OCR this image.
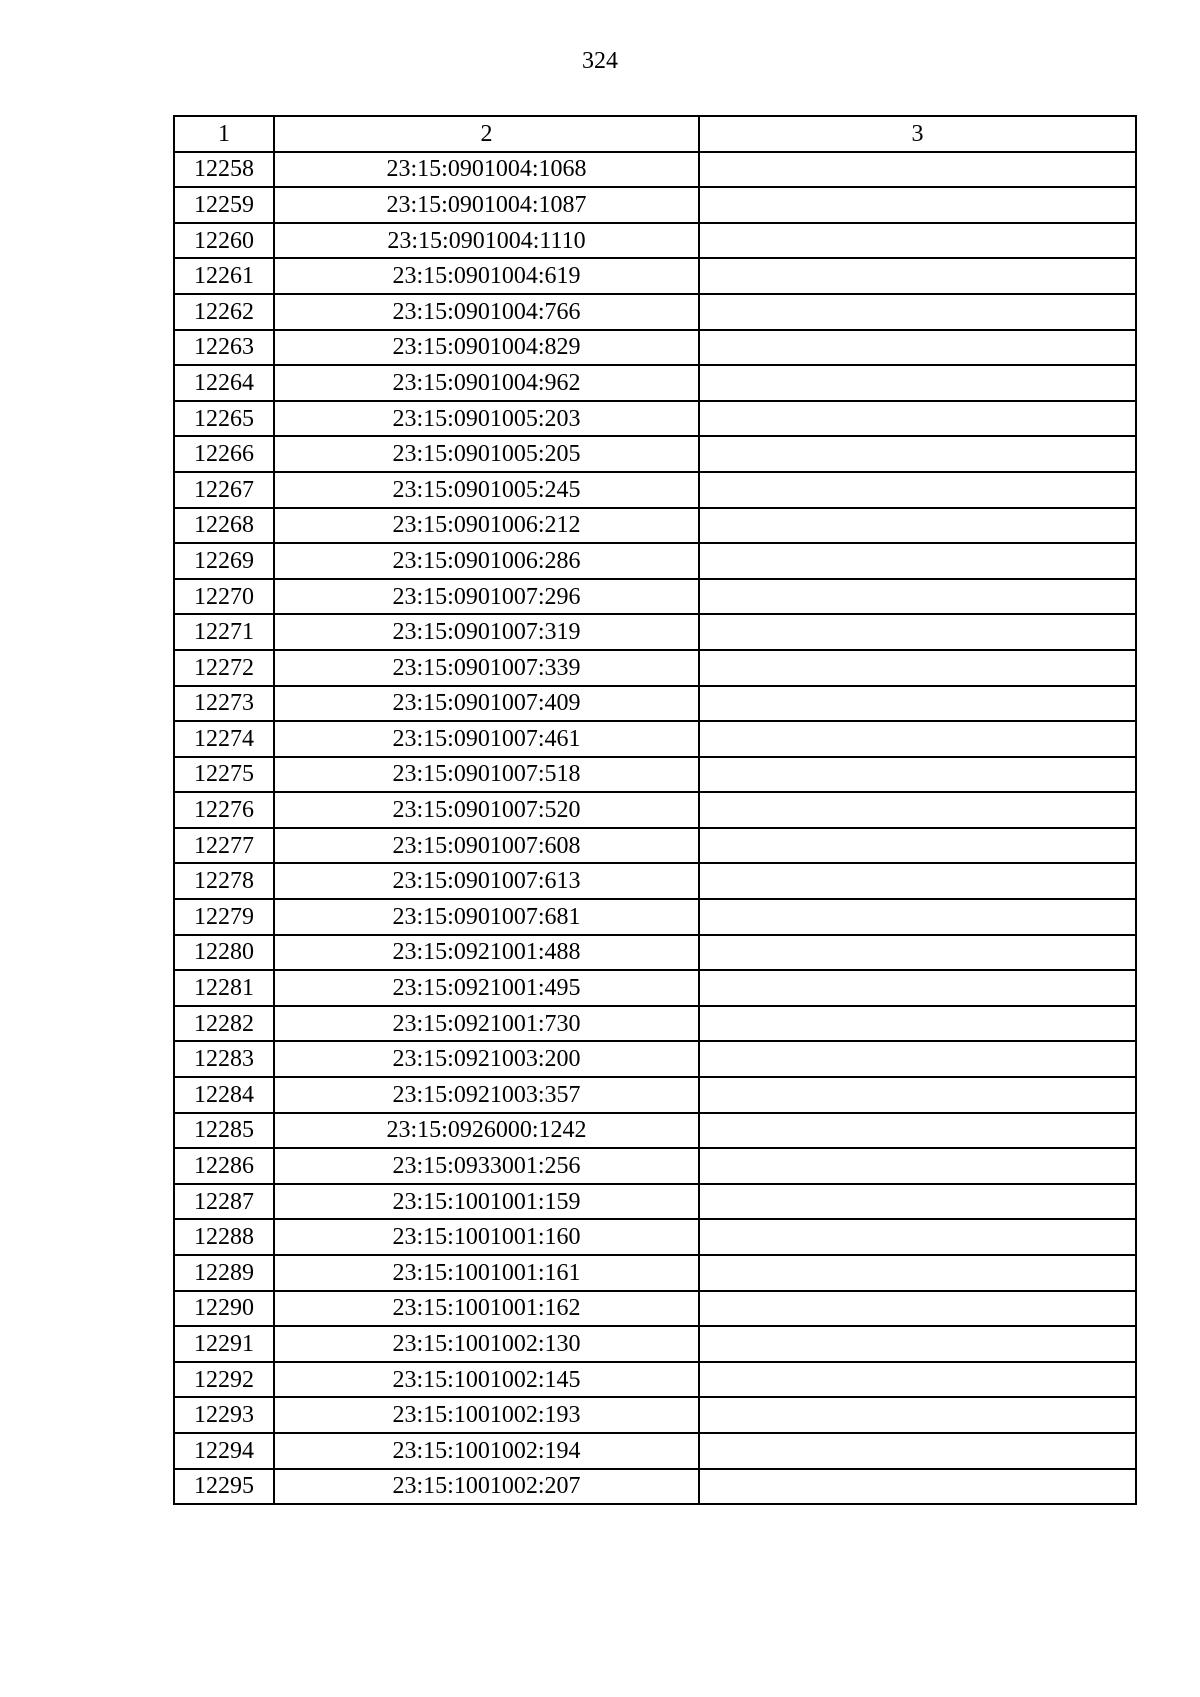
324
1	2	3
12258	23:15:0901004:1068	
12259	23:15:0901004:1087	
12260	23:15:0901004:1110	
12261	23:15:0901004:619	
12262	23:15:0901004:766	
12263	23:15:0901004:829	
12264	23:15:0901004:962	
12265	23:15:0901005:203	
12266	23:15:0901005:205	
12267	23:15:0901005:245	
12268	23:15:0901006:212	
12269	23:15:0901006:286	
12270	23:15:0901007:296	
12271	23:15:0901007:319	
12272	23:15:0901007:339	
12273	23:15:0901007:409	
12274	23:15:0901007:461	
12275	23:15:0901007:518	
12276	23:15:0901007:520	
12277	23:15:0901007:608	
12278	23:15:0901007:613	
12279	23:15:0901007:681	
12280	23:15:0921001:488	
12281	23:15:0921001:495	
12282	23:15:0921001:730	
12283	23:15:0921003:200	
12284	23:15:0921003:357	
12285	23:15:0926000:1242	
12286	23:15:0933001:256	
12287	23:15:1001001:159	
12288	23:15:1001001:160	
12289	23:15:1001001:161	
12290	23:15:1001001:162	
12291	23:15:1001002:130	
12292	23:15:1001002:145	
12293	23:15:1001002:193	
12294	23:15:1001002:194	
12295	23:15:1001002:207	
